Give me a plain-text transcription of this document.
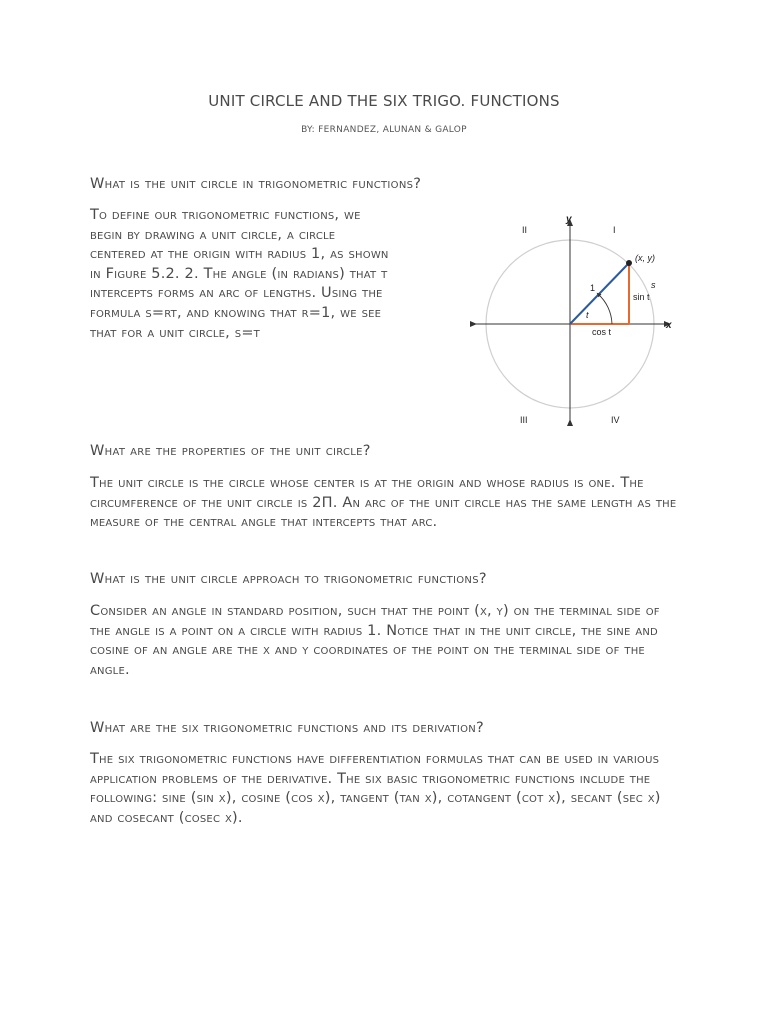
UNIT CIRCLE AND THE SIX TRIGO. FUNCTIONS
BY: FERNANDEZ, ALUNAN & GALOP

What is the unit circle in trigonometric functions?

To define our trigonometric functions, we
begin by drawing a unit circle, a circle
centered at the origin with radius 1, as shown
in Figure 5.2. 2. The angle (in radians) that t
intercepts forms an arc of lengths. Using the
formula s=rt, and knowing that r=1, we see
that for a unit circle, s=t
y
x
II	I
III	IV
(x, y)
1
t
s
sin t
cos t

What are the properties of the unit circle?

The unit circle is the circle whose center is at the origin and whose radius is one. The circumference of the unit circle is 2Π. An arc of the unit circle has the same length as the measure of the central angle that intercepts that arc.

What is the unit circle approach to trigonometric functions?

Consider an angle in standard position, such that the point (x, y) on the terminal side of the angle is a point on a circle with radius 1. Notice that in the unit circle, the sine and cosine of an angle are the x and y coordinates of the point on the terminal side of the angle.

What are the six trigonometric functions and its derivation?

The six trigonometric functions have differentiation formulas that can be used in various application problems of the derivative. The six basic trigonometric functions include the following: sine (sin x), cosine (cos x), tangent (tan x), cotangent (cot x), secant (sec x) and cosecant (cosec x).
